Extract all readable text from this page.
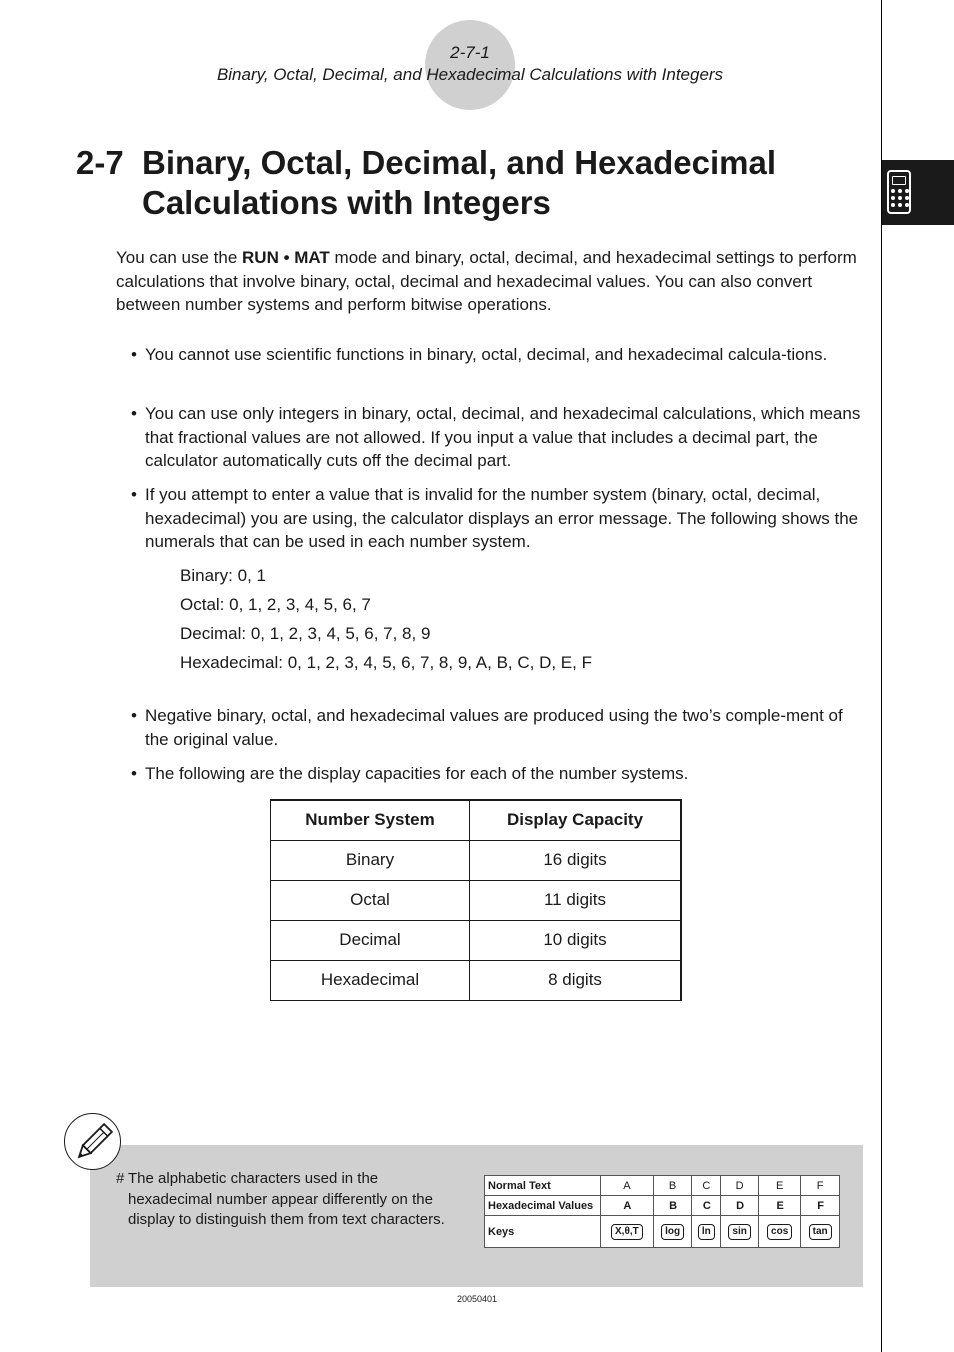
2-7-1
Binary, Octal, Decimal, and Hexadecimal Calculations with Integers
2-7 Binary, Octal, Decimal, and Hexadecimal
Calculations with Integers

You can use the RUN • MAT mode and binary, octal, decimal, and hexadecimal settings to perform calculations that involve binary, octal, decimal and hexadecimal values. You can also convert between number systems and perform bitwise operations.

• You cannot use scientific functions in binary, octal, decimal, and hexadecimal calcula-tions.
• You can use only integers in binary, octal, decimal, and hexadecimal calculations, which means that fractional values are not allowed. If you input a value that includes a decimal part, the calculator automatically cuts off the decimal part.
• If you attempt to enter a value that is invalid for the number system (binary, octal, decimal, hexadecimal) you are using, the calculator displays an error message. The following shows the numerals that can be used in each number system.
Binary: 0, 1
Octal: 0, 1, 2, 3, 4, 5, 6, 7
Decimal: 0, 1, 2, 3, 4, 5, 6, 7, 8, 9
Hexadecimal: 0, 1, 2, 3, 4, 5, 6, 7, 8, 9, A, B, C, D, E, F
• Negative binary, octal, and hexadecimal values are produced using the two’s comple-ment of the original value.
• The following are the display capacities for each of the number systems.
Number System	Display Capacity
Binary	16 digits
Octal	11 digits
Decimal	10 digits
Hexadecimal	8 digits

# The alphabetic characters used in the hexadecimal number appear differently on the display to distinguish them from text characters.

Normal Text	A	B	C	D	E	F
Hexadecimal Values	A	B	C	D	E	F
Keys	X,θ,T	log	ln	sin	cos	tan
20050401
